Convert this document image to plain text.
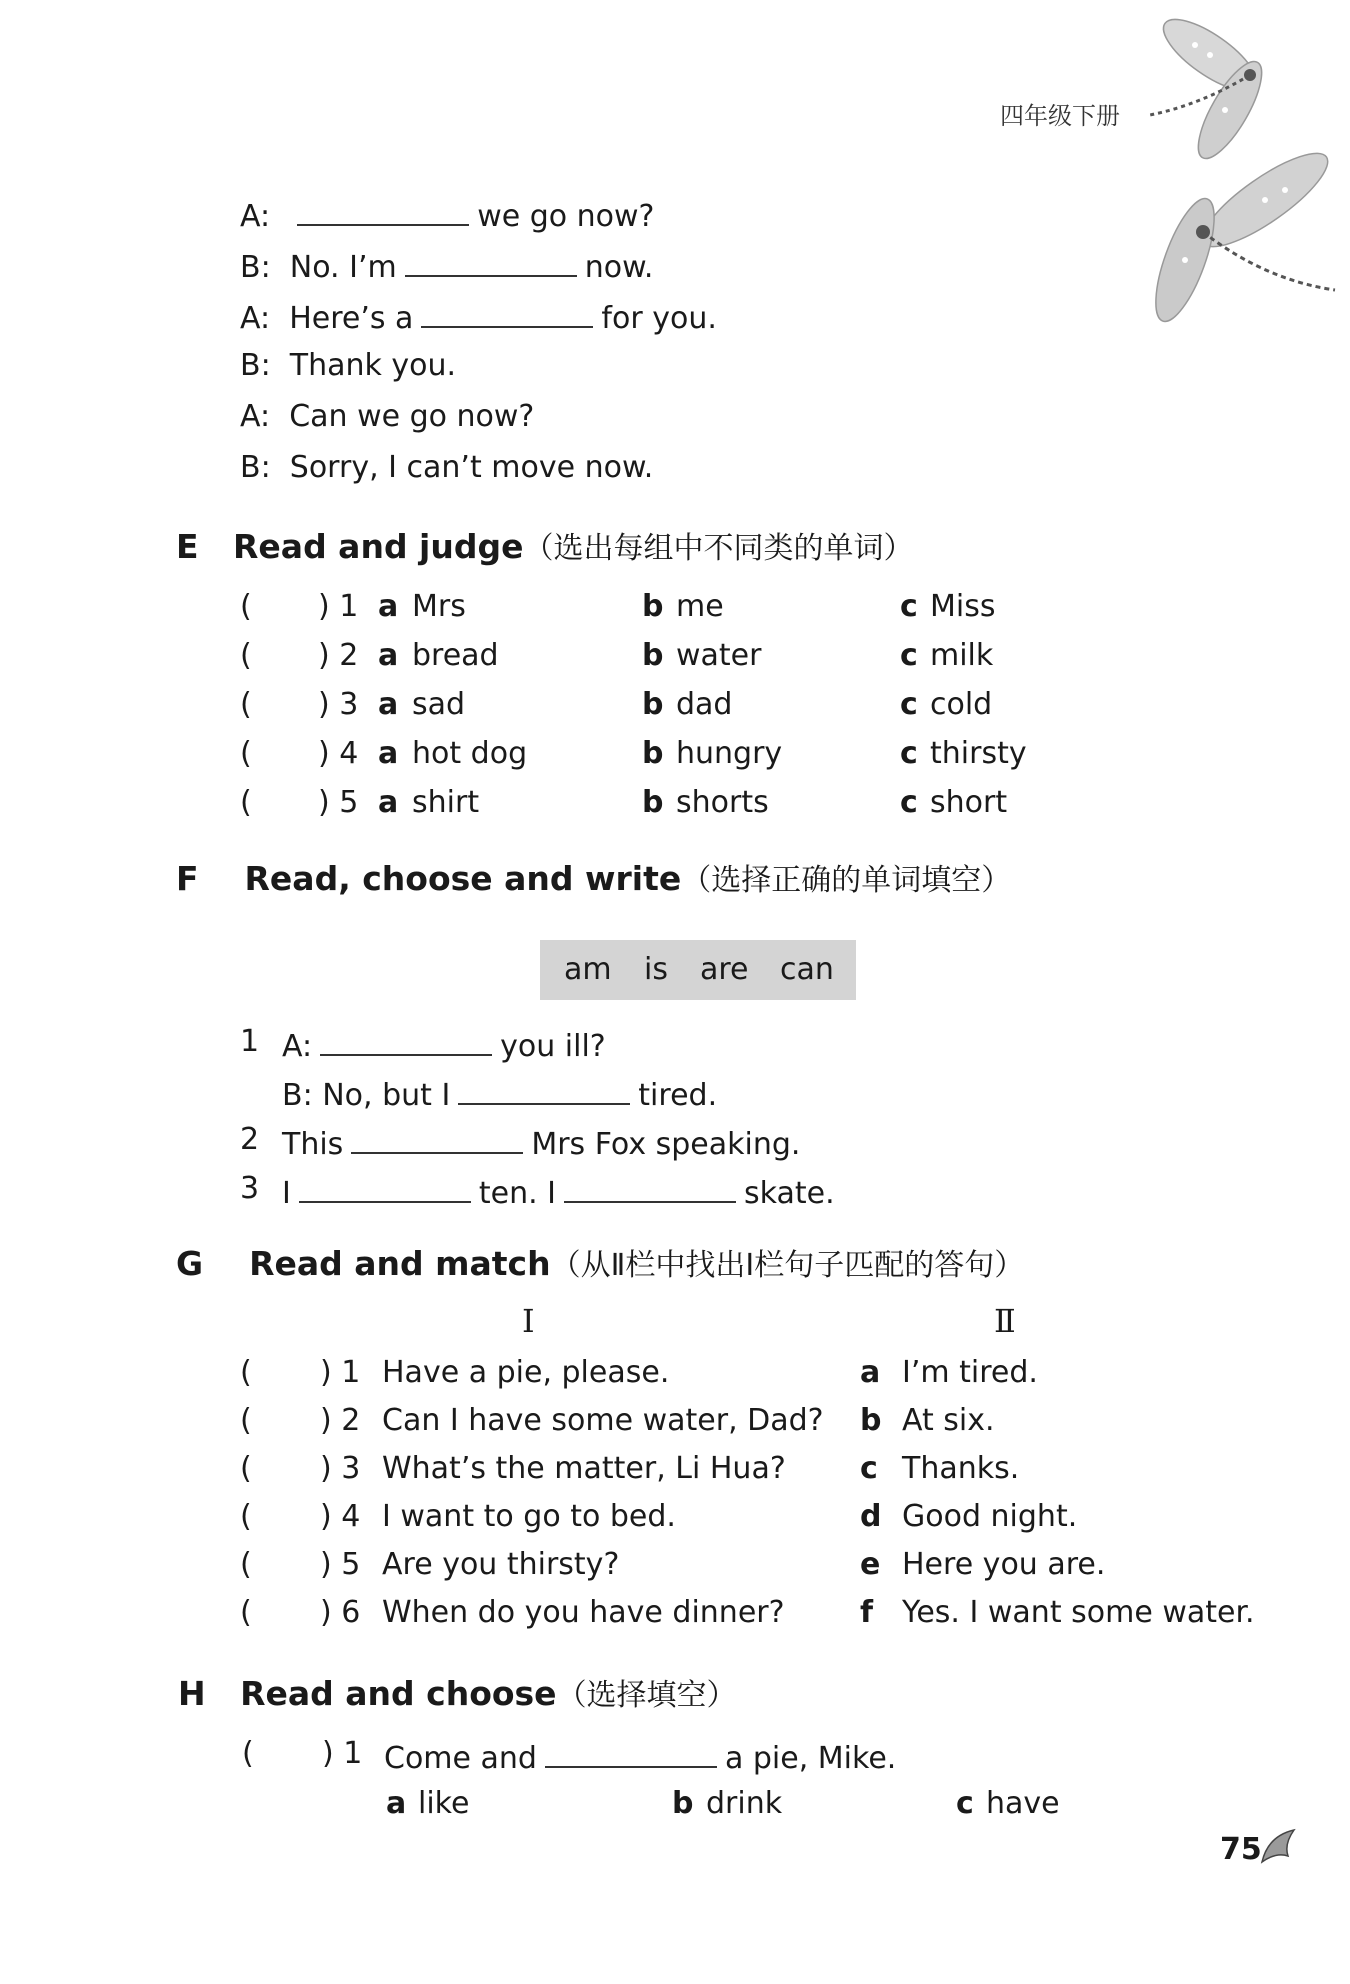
四年级下册
A:	we go now?
B: No. I’m	now.
A: Here’s a	for you.
B: Thank you.
A: Can we go now?
B: Sorry, I can’t move now.
E Read and judge（选出每组中不同类的单词）
( ) 1 a Mrs	b me	c Miss
( ) 2 a bread	b water	c milk
( ) 3 a sad	b dad	c cold
( ) 4 a hot dog	b hungry	c thirsty
( ) 5 a shirt	b shorts	c short
F Read, choose and write（选择正确的单词填空）
am is are can
1 A:	you ill?
B: No, but I	tired.
2 This	Mrs Fox speaking.
3 I	ten. I	skate.
G Read and match（从Ⅱ栏中找出Ⅰ栏句子匹配的答句）
Ⅰ	Ⅱ
( ) 1 Have a pie, please.	a I’m tired.
( ) 2 Can I have some water, Dad? b At six.
( ) 3 What’s the matter, Li Hua? c Thanks.
( ) 4 I want to go to bed.	d Good night.
( ) 5 Are you thirsty?	e Here you are.
( ) 6 When do you have dinner?	f Yes. I want some water.
H Read and choose（选择填空）
( ) 1 Come and	a pie, Mike.
a like	b drink	c have
75
